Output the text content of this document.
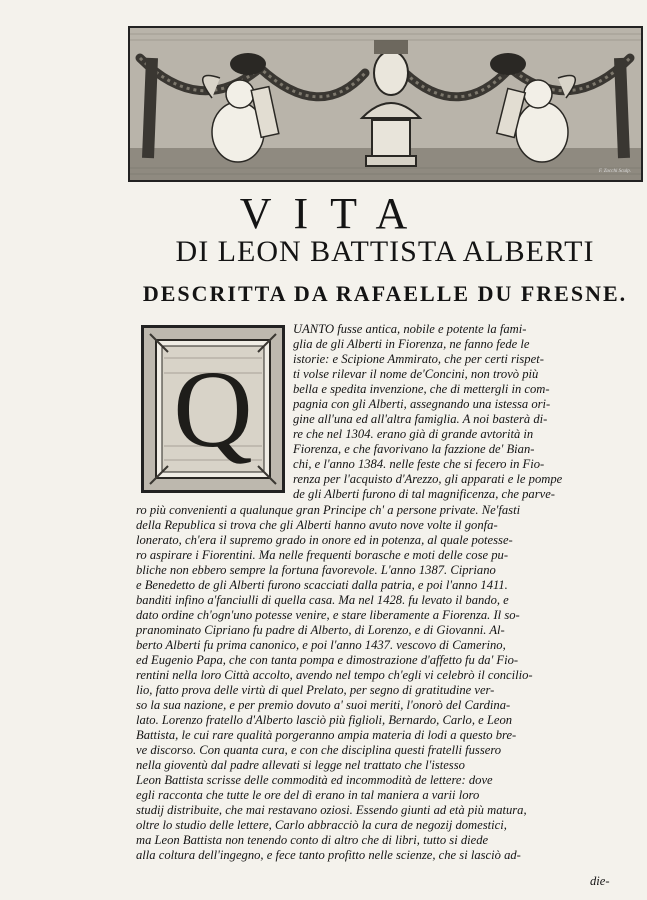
F. Zocchi Sculp.
VITA
DI LEON BATTISTA ALBERTI
DESCRITTA DA RAFAELLE DU FRESNE.
Q
UANTO fusse antica, nobile e potente la fami-
glia de gli Alberti in Fiorenza, ne fanno fede le
istorie: e Scipione Ammirato, che per certi rispet-
ti volse rilevar il nome de'Concini, non trovò più
bella e spedita invenzione, che di mettergli in com-
pagnia con gli Alberti, assegnando una istessa ori-
gine all'una ed all'altra famiglia. A noi basterà di-
re che nel 1304. erano già di grande avtorità in
Fiorenza, e che favorivano la fazzione de' Bian-
chi, e l'anno 1384. nelle feste che si fecero in Fio-
renza per l'acquisto d'Arezzo, gli apparati e le pompe
de gli Alberti furono di tal magnificenza, che parve-
ro più convenienti a qualunque gran Principe ch' a persone private. Ne'fasti
della Republica si trova che gli Alberti hanno avuto nove volte il gonfa-
lonerato, ch'era il supremo grado in onore ed in potenza, al quale potesse-
ro aspirare i Fiorentini. Ma nelle frequenti borasche e moti delle cose pu-
bliche non ebbero sempre la fortuna favorevole. L'anno 1387. Cipriano
e Benedetto de gli Alberti furono scacciati dalla patria, e poi l'anno 1411.
banditi infino a'fanciulli di quella casa. Ma nel 1428. fu levato il bando, e
dato ordine ch'ogn'uno potesse venire, e stare liberamente a Fiorenza. Il so-
pranominato Cipriano fu padre di Alberto, di Lorenzo, e di Giovanni. Al-
berto Alberti fu prima canonico, e poi l'anno 1437. vescovo di Camerino,
ed Eugenio Papa, che con tanta pompa e dimostrazione d'affetto fu da' Fio-
rentini nella loro Città accolto, avendo nel tempo ch'egli vi celebrò il concilio-
lio, fatto prova delle virtù di quel Prelato, per segno di gratitudine ver-
so la sua nazione, e per premio dovuto a' suoi meriti, l'onorò del Cardina-
lato. Lorenzo fratello d'Alberto lasciò più figlioli, Bernardo, Carlo, e Leon
Battista, le cui rare qualità porgeranno ampia materia di lodi a questo bre-
ve discorso. Con quanta cura, e con che disciplina questi fratelli fussero
nella gioventù dal padre allevati si legge nel trattato che l'istesso
Leon Battista scrisse delle commodità ed incommodità de lettere: dove
egli racconta che tutte le ore del dì erano in tal maniera a varii loro
studij distribuite, che mai restavano oziosi. Essendo giunti ad età più matura,
oltre lo studio delle lettere, Carlo abbracciò la cura de negozij domestici,
ma Leon Battista non tenendo conto di altro che di libri, tutto si diede
alla coltura dell'ingegno, e fece tanto profitto nelle scienze, che si lasciò ad-
die-
